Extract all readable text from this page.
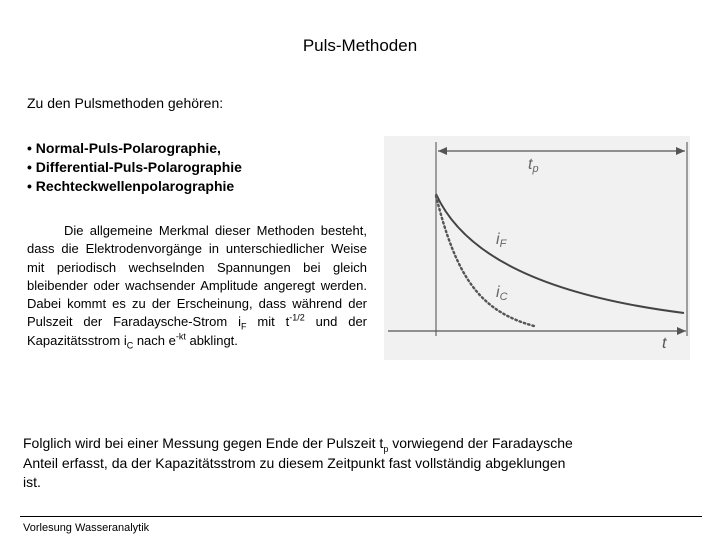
Puls-Methoden
Zu den Pulsmethoden gehören:
• Normal-Puls-Polarographie,
• Differential-Puls-Polarographie
• Rechteckwellenpolarographie

Die allgemeine Merkmal dieser Methoden besteht, dass die Elektrodenvorgänge in unterschiedlicher Weise mit periodisch wechselnden Spannungen bei gleich bleibender oder wachsender Amplitude angeregt werden. Dabei kommt es zu der Erscheinung, dass während der Pulszeit der Faradaysche-Strom $i_F$ mit $t^{-1/2}$ und der Kapazitätsstrom $i_C$ nach $e^{-kt}$ abklingt.

tp
iF
iC
t

Folglich wird bei einer Messung gegen Ende der Pulszeit $t_p$ vorwiegend der Faradaysche Anteil erfasst, da der Kapazitätsstrom zu diesem Zeitpunkt fast vollständig abgeklungen ist.

Vorlesung Wasseranalytik
